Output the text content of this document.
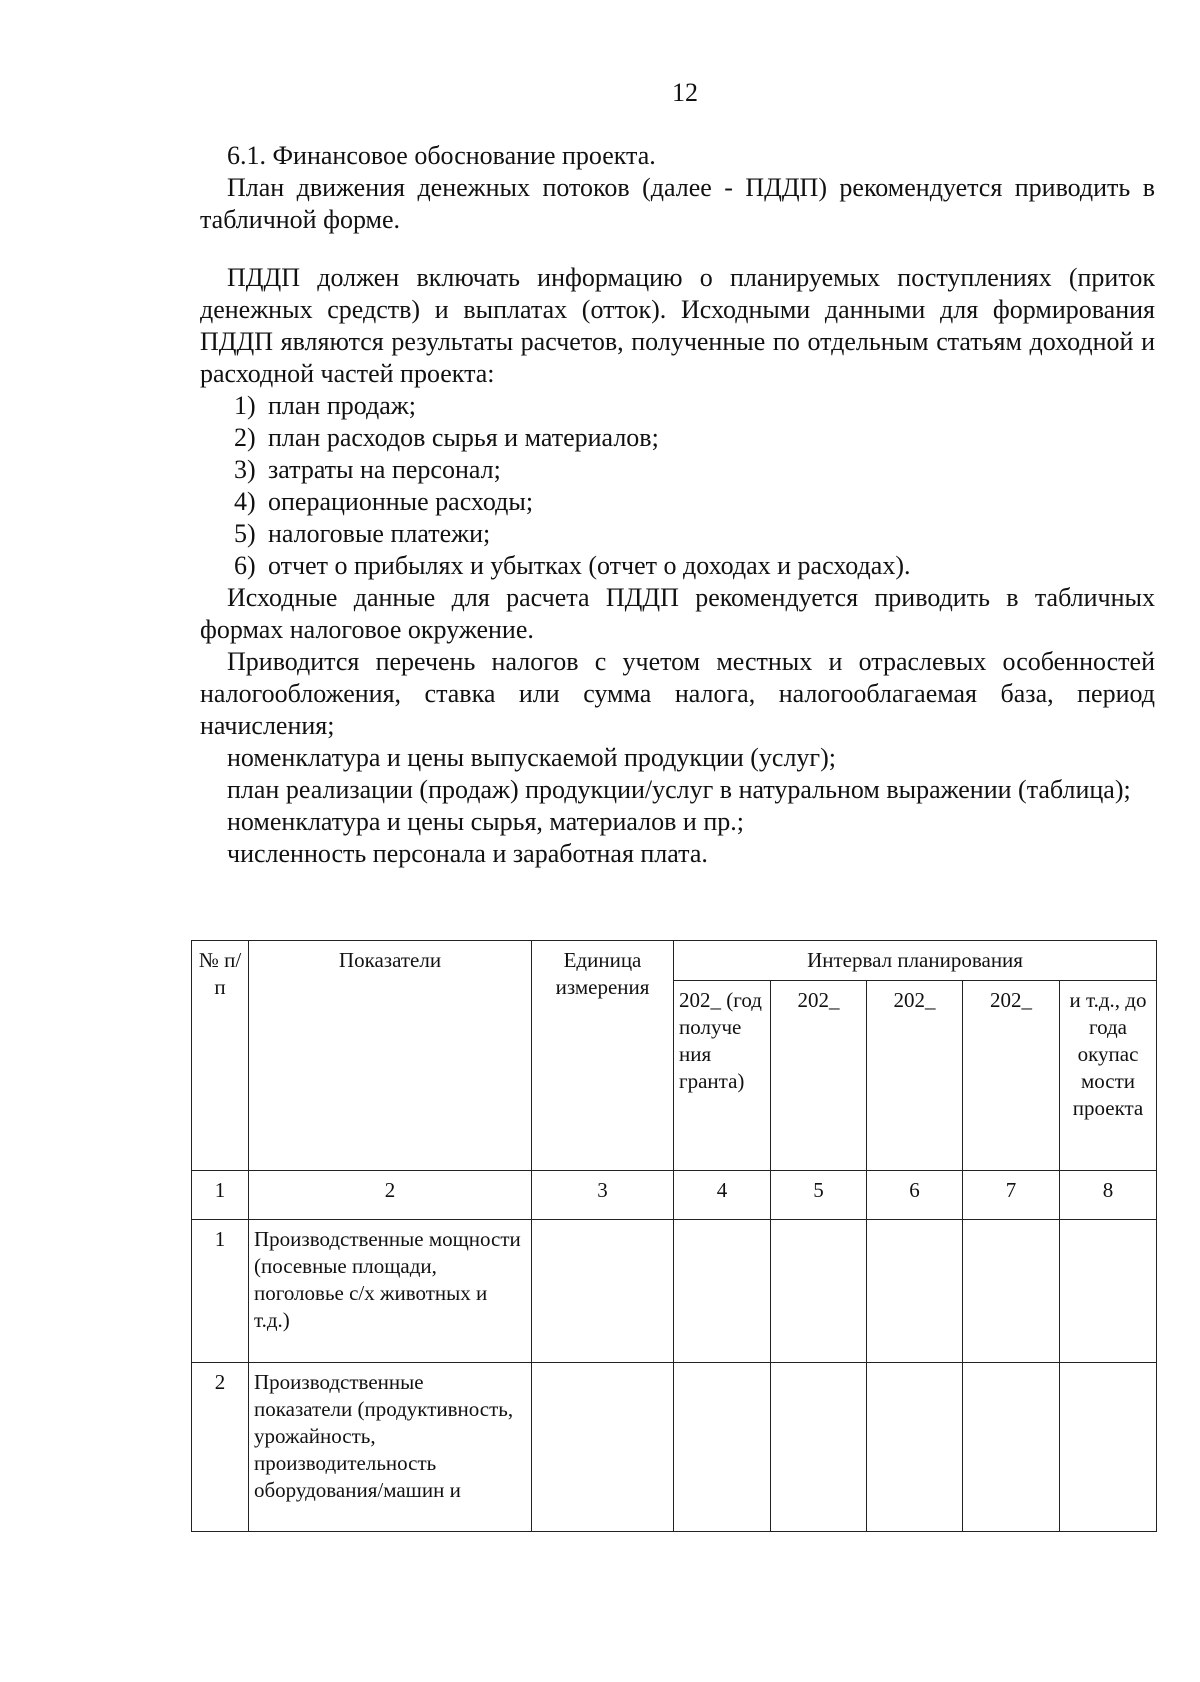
12

6.1. Финансовое обоснование проекта.

План движения денежных потоков (далее - ПДДП) рекомендуется приводить в табличной форме.

ПДДП должен включать информацию о планируемых поступлениях (приток денежных средств) и выплатах (отток). Исходными данными для формирования ПДДП являются результаты расчетов, полученные по отдельным статьям доходной и расходной частей проекта:

1) план продаж;
2) план расходов сырья и материалов;
3) затраты на персонал;
4) операционные расходы;
5) налоговые платежи;
6) отчет о прибылях и убытках (отчет о доходах и расходах).

Исходные данные для расчета ПДДП рекомендуется приводить в табличных формах налоговое окружение.

Приводится перечень налогов с учетом местных и отраслевых особенностей налогообложения, ставка или сумма налога, налогооблагаемая база, период начисления;

номенклатура и цены выпускаемой продукции (услуг);

план реализации (продаж) продукции/услуг в натуральном выражении (таблица);

номенклатура и цены сырья, материалов и пр.;

численность персонала и заработная плата.

№ п/п	Показатели	Единица измерения	Интервал планирования				
			202_ (год получе ния гранта)	202_	202_	202_	и т.д., до года окупас мости проекта
1	2	3	4	5	6	7	8
1	Производственные мощности (посевные площади, поголовье с/х животных и т.д.)						
2	Производственные показатели (продуктивность, урожайность, производительность оборудования/машин и						
